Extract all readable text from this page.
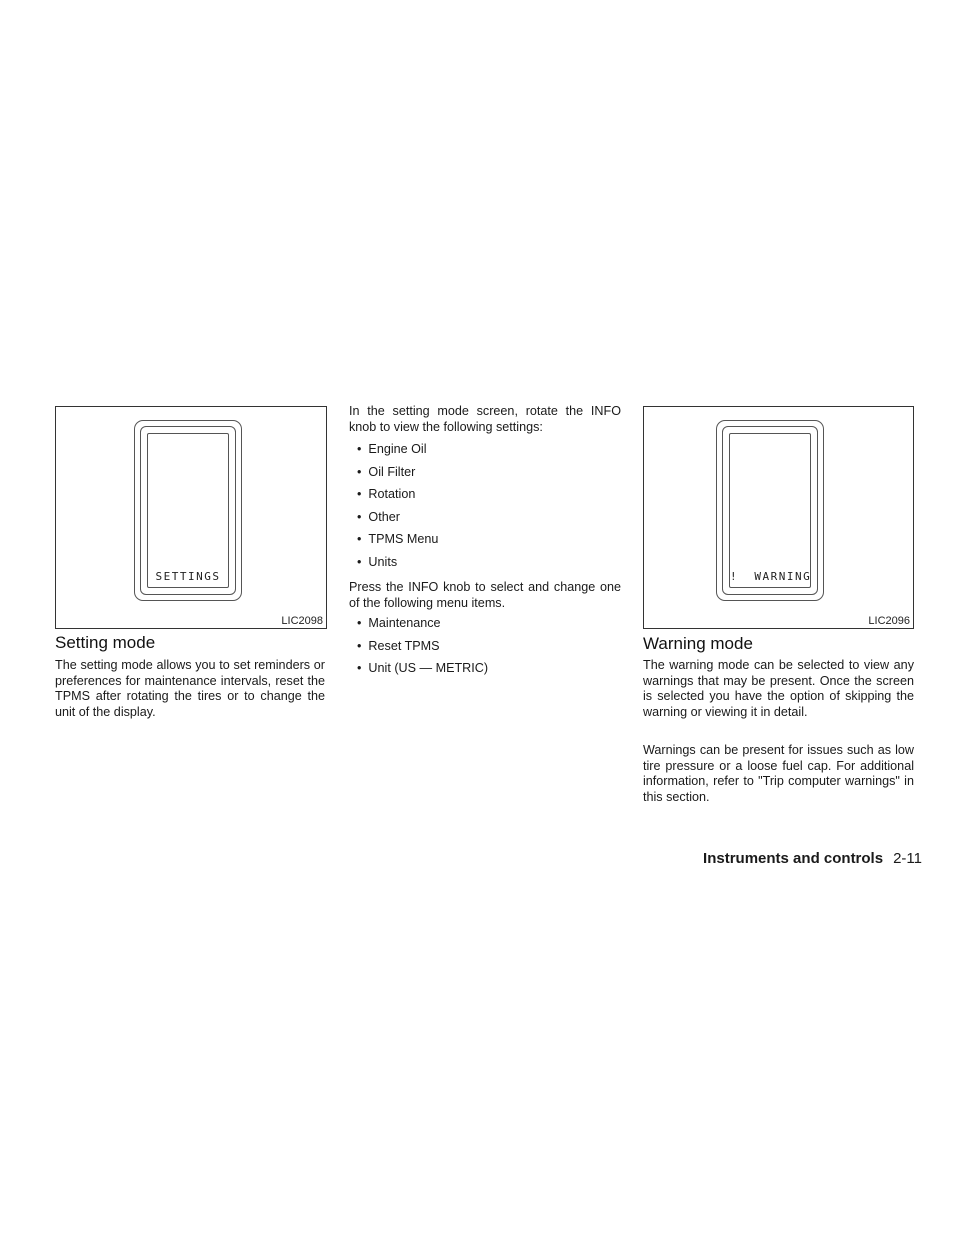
SETTINGS
LIC2098
Setting mode

The setting mode allows you to set reminders or preferences for maintenance intervals, reset the TPMS after rotating the tires or to change the unit of the display.

In the setting mode screen, rotate the INFO knob to view the following settings:

• Engine Oil
• Oil Filter
• Rotation
• Other
• TPMS Menu
• Units

Press the INFO knob to select and change one of the following menu items.

• Maintenance
• Reset TPMS
• Unit (US — METRIC)
!  WARNING
LIC2096
Warning mode

The warning mode can be selected to view any warnings that may be present. Once the screen is selected you have the option of skipping the warning or viewing it in detail.

Warnings can be present for issues such as low tire pressure or a loose fuel cap. For additional information, refer to "Trip computer warnings" in this section.

Instruments and controls 2-11
